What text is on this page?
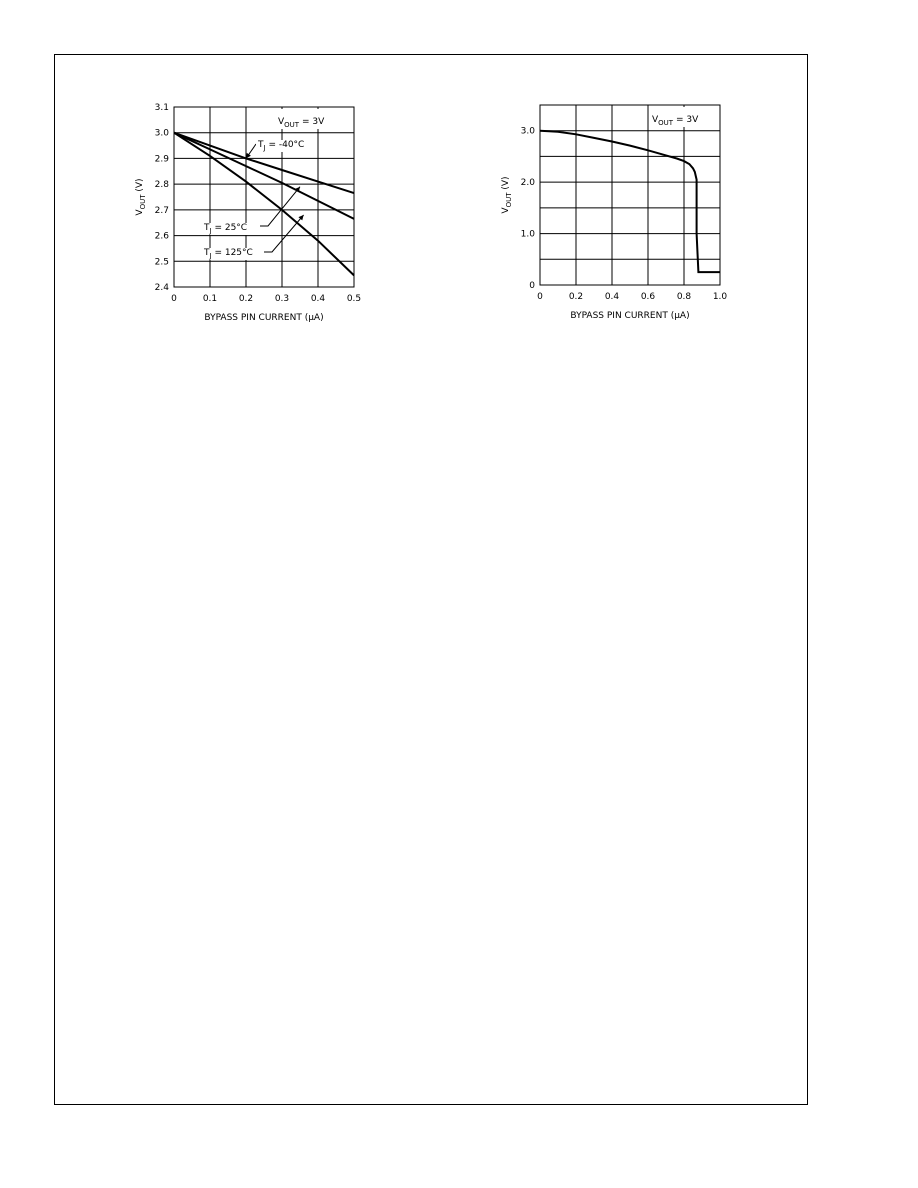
0	0.1 0.2 0.3 0.4 0.5
2.4
2.5
2.6
2.7
2.8
2.9
3.0
3.1
BYPASS PIN CURRENT (μA)
$V_{OUT}$ (V)
$V_{OUT} = 3V$
$T_J = -40^\circ C$
$T_J = 25^\circ C$
$T_J = 125^\circ C$
0	0.2 0.4 0.6 0.8 1.0
0
1.0
2.0
3.0
BYPASS PIN CURRENT (μA)
$V_{OUT}$ (V)
$V_{OUT} = 3V$
